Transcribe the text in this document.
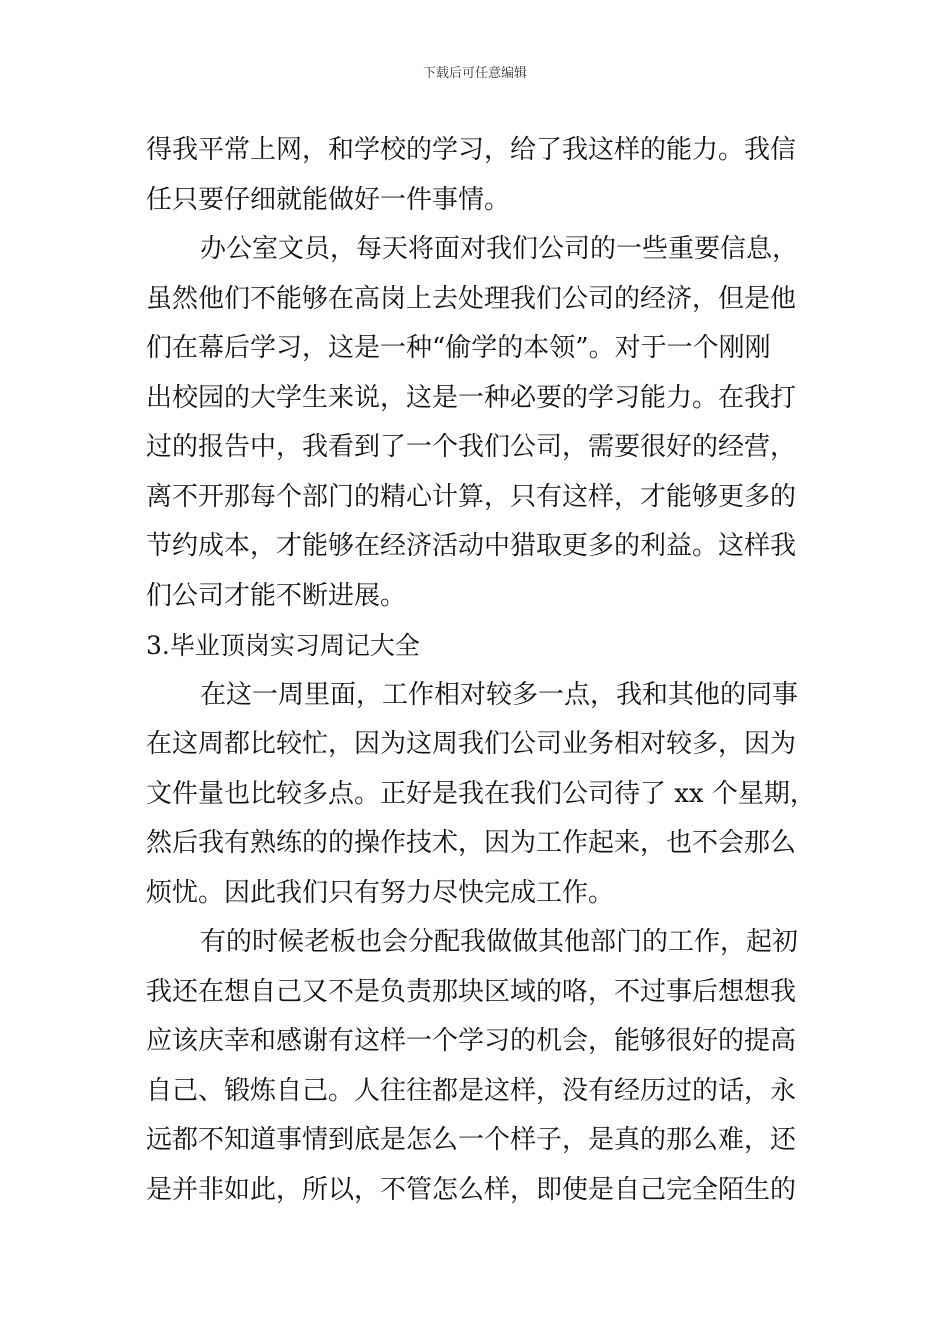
下载后可任意编辑
得我平常上网，和学校的学习，给了我这样的能力。我信
任只要仔细就能做好一件事情。
办公室文员，每天将面对我们公司的一些重要信息，
虽然他们不能够在高岗上去处理我们公司的经济，但是他
们在幕后学习，这是一种“偷学的本领”。对于一个刚刚
出校园的大学生来说，这是一种必要的学习能力。在我打
过的报告中，我看到了一个我们公司，需要很好的经营，
离不开那每个部门的精心计算，只有这样，才能够更多的
节约成本，才能够在经济活动中猎取更多的利益。这样我
们公司才能不断进展。
3.毕业顶岗实习周记大全
在这一周里面，工作相对较多一点，我和其他的同事
在这周都比较忙，因为这周我们公司业务相对较多，因为
文件量也比较多点。正好是我在我们公司待了 xx 个星期，
然后我有熟练的的操作技术，因为工作起来，也不会那么
烦忧。因此我们只有努力尽快完成工作。
有的时候老板也会分配我做做其他部门的工作，起初
我还在想自己又不是负责那块区域的咯，不过事后想想我
应该庆幸和感谢有这样一个学习的机会，能够很好的提高
自己、锻炼自己。人往往都是这样，没有经历过的话，永
远都不知道事情到底是怎么一个样子，是真的那么难，还
是并非如此，所以，不管怎么样，即使是自己完全陌生的
